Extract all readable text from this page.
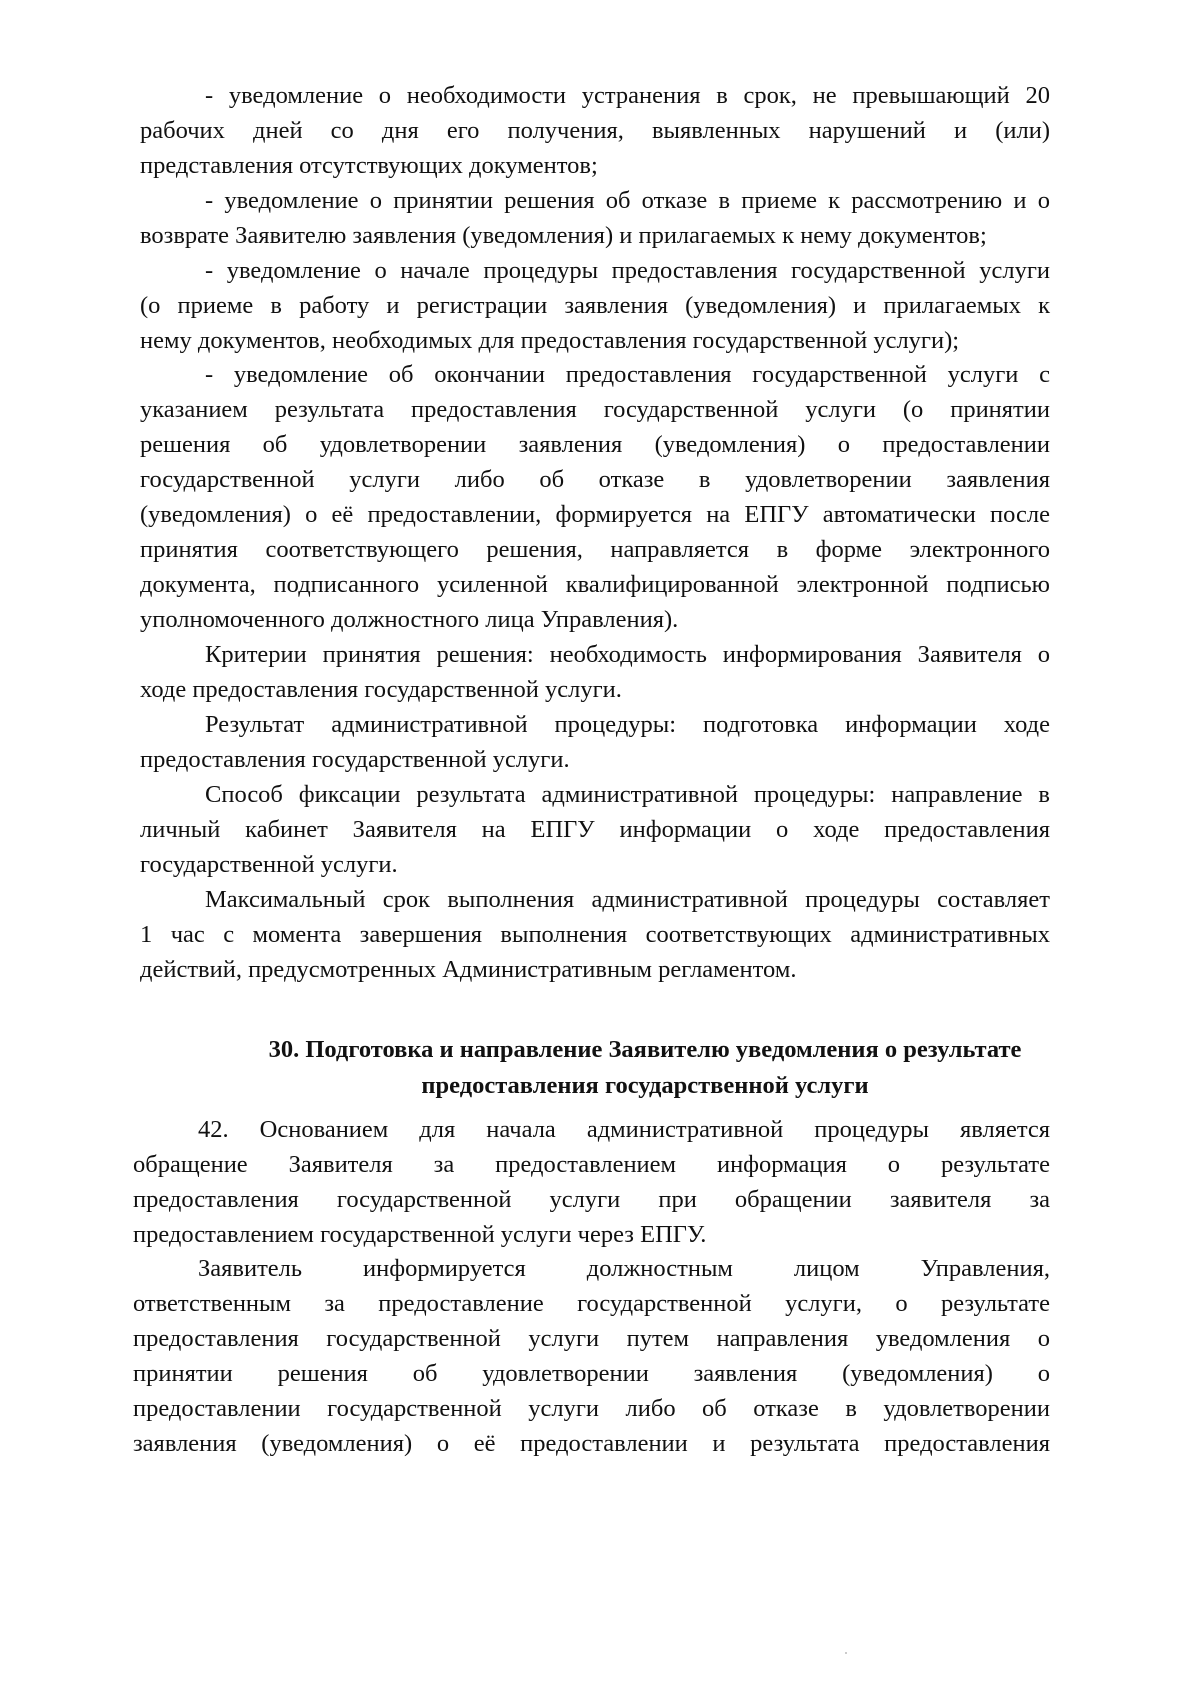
- уведомление о необходимости устранения в срок, не превышающий 20

рабочих дней со дня его получения, выявленных нарушений и (или)

представления отсутствующих документов;

- уведомление о принятии решения об отказе в приеме к рассмотрению и о

возврате Заявителю заявления (уведомления) и прилагаемых к нему документов;

- уведомление о начале процедуры предоставления государственной услуги

(о приеме в работу и регистрации заявления (уведомления) и прилагаемых к

нему документов, необходимых для предоставления государственной услуги);

- уведомление об окончании предоставления государственной услуги с

указанием результата предоставления государственной услуги (о принятии

решения об удовлетворении заявления (уведомления) о предоставлении

государственной услуги либо об отказе в удовлетворении заявления

(уведомления) о её предоставлении, формируется на ЕПГУ автоматически после

принятия соответствующего решения, направляется в форме электронного

документа, подписанного усиленной квалифицированной электронной подписью

уполномоченного должностного лица Управления).

Критерии принятия решения: необходимость информирования Заявителя о

ходе предоставления государственной услуги.

Результат административной процедуры: подготовка информации ходе

предоставления государственной услуги.

Способ фиксации результата административной процедуры: направление в

личный кабинет Заявителя на ЕПГУ информации о ходе предоставления

государственной услуги.

Максимальный срок выполнения административной процедуры составляет

1 час с момента завершения выполнения соответствующих административных

действий, предусмотренных Административным регламентом.

30. Подготовка и направление Заявителю уведомления о результате
предоставления государственной услуги

42. Основанием для начала административной процедуры является

обращение Заявителя за предоставлением информация о результате

предоставления государственной услуги при обращении заявителя за

предоставлением государственной услуги через ЕПГУ.

Заявитель информируется должностным лицом Управления,

ответственным за предоставление государственной услуги, о результате

предоставления государственной услуги путем направления уведомления о

принятии решения об удовлетворении заявления (уведомления) о

предоставлении государственной услуги либо об отказе в удовлетворении

заявления (уведомления) о её предоставлении и результата предоставления
